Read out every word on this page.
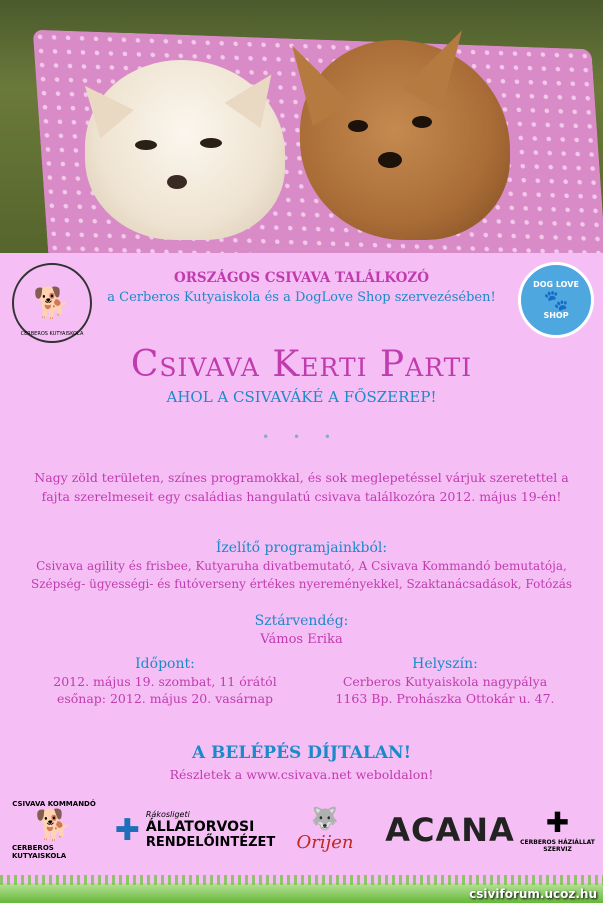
🐕
CERBEROS KUTYAISKOLA
DOG LOVE
🐾
SHOP
ORSZÁGOS CSIVAVA TALÁLKOZÓ
a Cerberos Kutyaiskola és a DogLove Shop szervezésében!
Csivava Kerti Parti
AHOL A CSIVAVÁKÉ A FŐSZEREP!
• • •
Nagy zöld területen, színes programokkal, és sok meglepetéssel várjuk szeretettel a
fajta szerelmeseit egy családias hangulatú csivava találkozóra 2012. május 19-én!
Ízelítő programjainkból:
Csivava agility és frisbee, Kutyaruha divatbemutató, A Csivava Kommandó bemutatója,
Szépség- ügyességi- és futóverseny értékes nyereményekkel, Szaktanácsadások, Fotózás
Sztárvendég:
Vámos Erika
Időpont:
2012. május 19. szombat, 11 órától
esőnap: 2012. május 20. vasárnap
Helyszín:
Cerberos Kutyaiskola nagypálya
1163 Bp. Prohászka Ottokár u. 47.
A BELÉPÉS DÍJTALAN!
Részletek a www.csivava.net weboldalon!
CSIVAVA KOMMANDÓ
🐕
CERBEROS KUTYAISKOLA
✚ Rákosligeti
ÁLLATORVOSI
RENDELŐINTÉZET
🐺
Orijen ACANA ✚
CERBEROS HÁZIÁLLAT SZERVIZ
csiviforum.ucoz.hu
